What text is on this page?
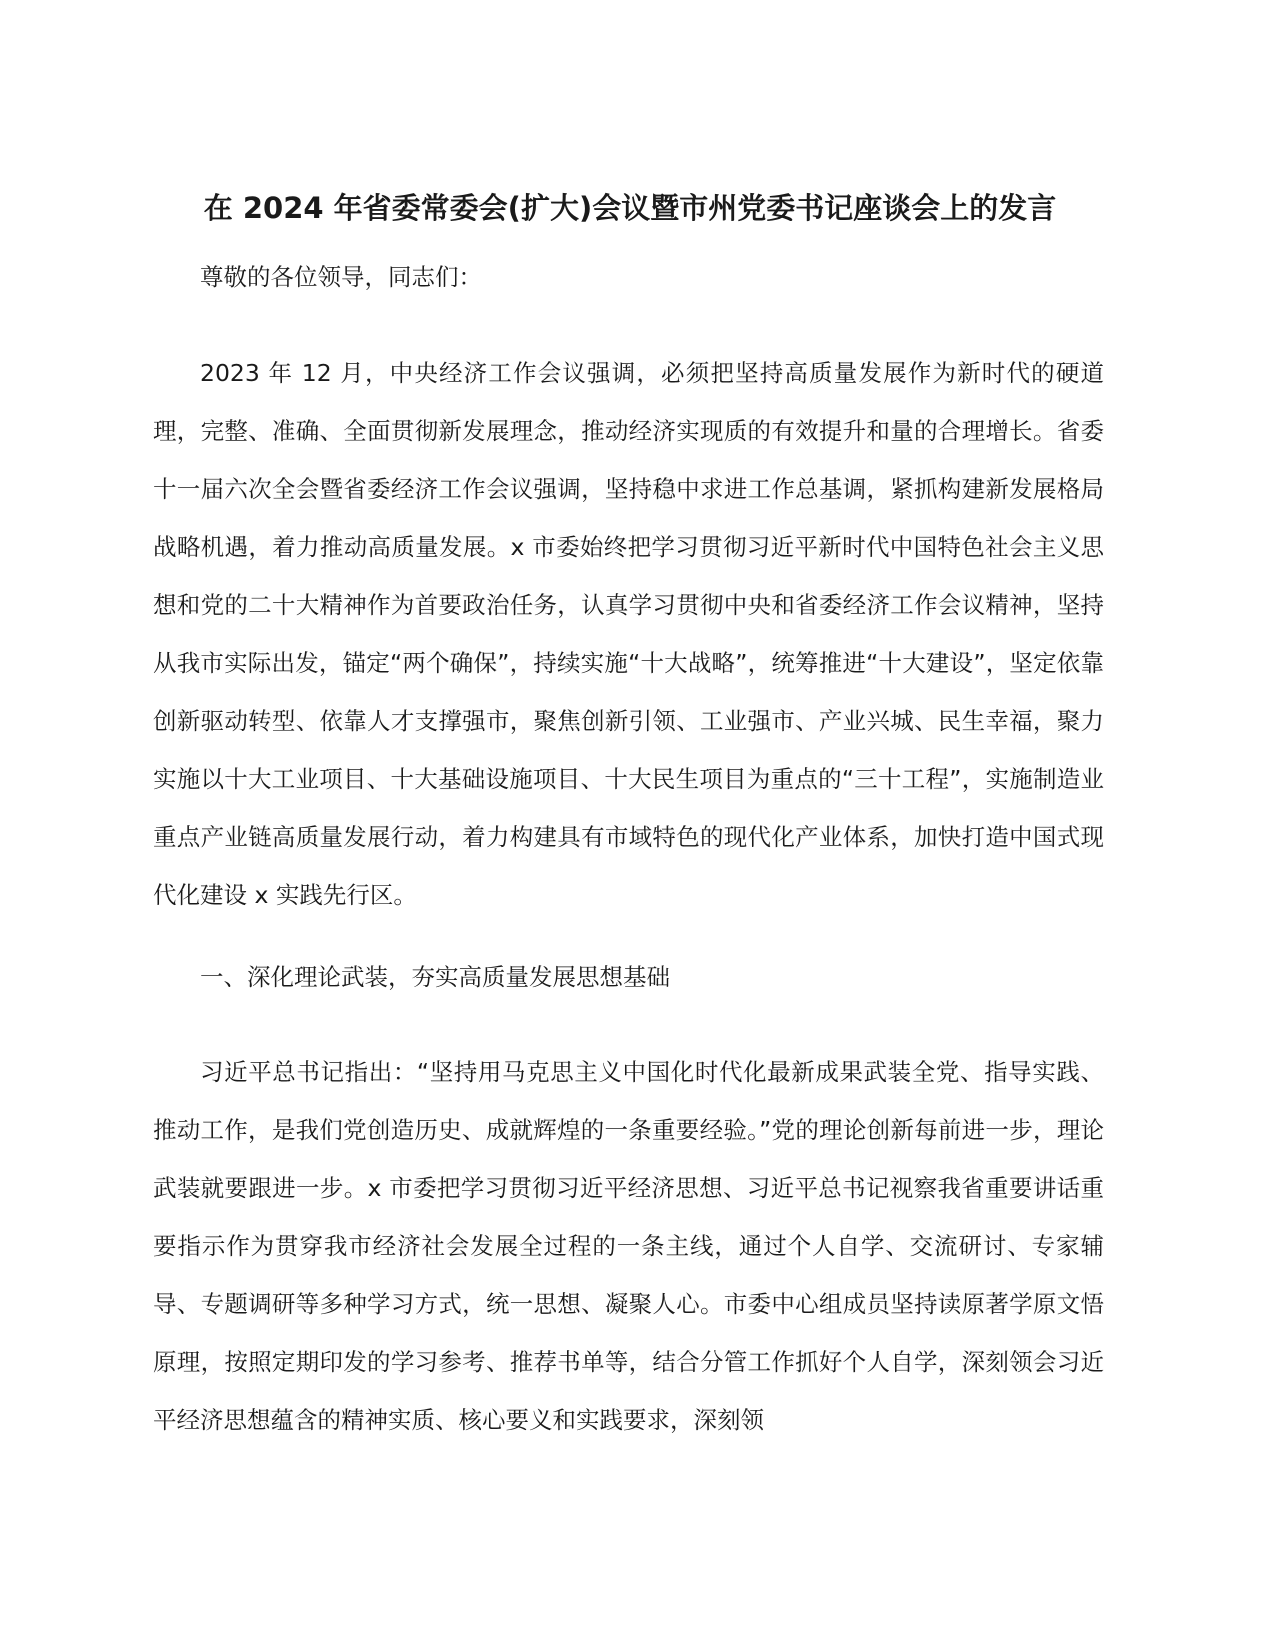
在 2024 年省委常委会(扩大)会议暨市州党委书记座谈会上的发言

尊敬的各位领导，同志们：

2023 年 12 月，中央经济工作会议强调，必须把坚持高质量发展作为新时代的硬道理，完整、准确、全面贯彻新发展理念，推动经济实现质的有效提升和量的合理增长。省委十一届六次全会暨省委经济工作会议强调，坚持稳中求进工作总基调，紧抓构建新发展格局战略机遇，着力推动高质量发展。x 市委始终把学习贯彻习近平新时代中国特色社会主义思想和党的二十大精神作为首要政治任务，认真学习贯彻中央和省委经济工作会议精神，坚持从我市实际出发，锚定“两个确保”，持续实施“十大战略”，统筹推进“十大建设”，坚定依靠创新驱动转型、依靠人才支撑强市，聚焦创新引领、工业强市、产业兴城、民生幸福，聚力实施以十大工业项目、十大基础设施项目、十大民生项目为重点的“三十工程”，实施制造业重点产业链高质量发展行动，着力构建具有市域特色的现代化产业体系，加快打造中国式现代化建设 x 实践先行区。

一、深化理论武装，夯实高质量发展思想基础

习近平总书记指出：“坚持用马克思主义中国化时代化最新成果武装全党、指导实践、推动工作，是我们党创造历史、成就辉煌的一条重要经验。”党的理论创新每前进一步，理论武装就要跟进一步。x 市委把学习贯彻习近平经济思想、习近平总书记视察我省重要讲话重要指示作为贯穿我市经济社会发展全过程的一条主线，通过个人自学、交流研讨、专家辅导、专题调研等多种学习方式，统一思想、凝聚人心。市委中心组成员坚持读原著学原文悟原理，按照定期印发的学习参考、推荐书单等，结合分管工作抓好个人自学，深刻领会习近平经济思想蕴含的精神实质、核心要义和实践要求，深刻领
